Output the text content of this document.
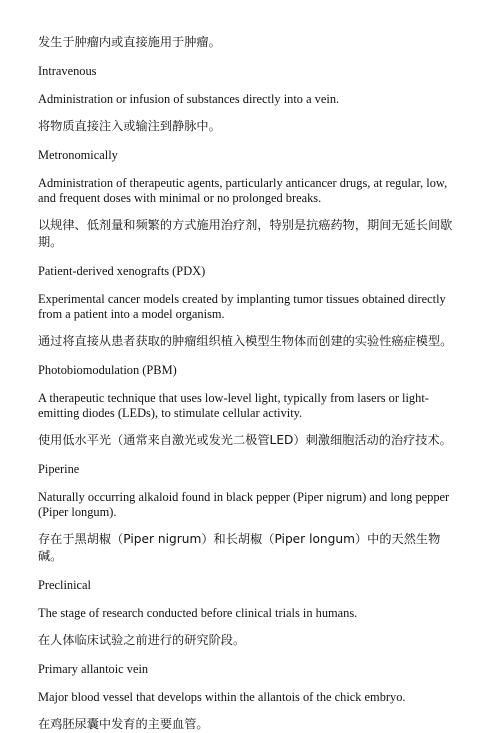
发生于肿瘤内或直接施用于肿瘤。

Intravenous

Administration or infusion of substances directly into a vein.

将物质直接注入或输注到静脉中。

Metronomically

Administration of therapeutic agents, particularly anticancer drugs, at regular, low, and frequent doses with minimal or no prolonged breaks.

以规律、低剂量和频繁的方式施用治疗剂，特别是抗癌药物，期间无延长间歇期。

Patient-derived xenografts (PDX)

Experimental cancer models created by implanting tumor tissues obtained directly from a patient into a model organism.

通过将直接从患者获取的肿瘤组织植入模型生物体而创建的实验性癌症模型。

Photobiomodulation (PBM)

A therapeutic technique that uses low-level light, typically from lasers or light-emitting diodes (LEDs), to stimulate cellular activity.

使用低水平光（通常来自激光或发光二极管LED）刺激细胞活动的治疗技术。

Piperine

Naturally occurring alkaloid found in black pepper (Piper nigrum) and long pepper (Piper longum).

存在于黑胡椒（Piper nigrum）和长胡椒（Piper longum）中的天然生物碱。

Preclinical

The stage of research conducted before clinical trials in humans.

在人体临床试验之前进行的研究阶段。

Primary allantoic vein

Major blood vessel that develops within the allantois of the chick embryo.

在鸡胚尿囊中发育的主要血管。
